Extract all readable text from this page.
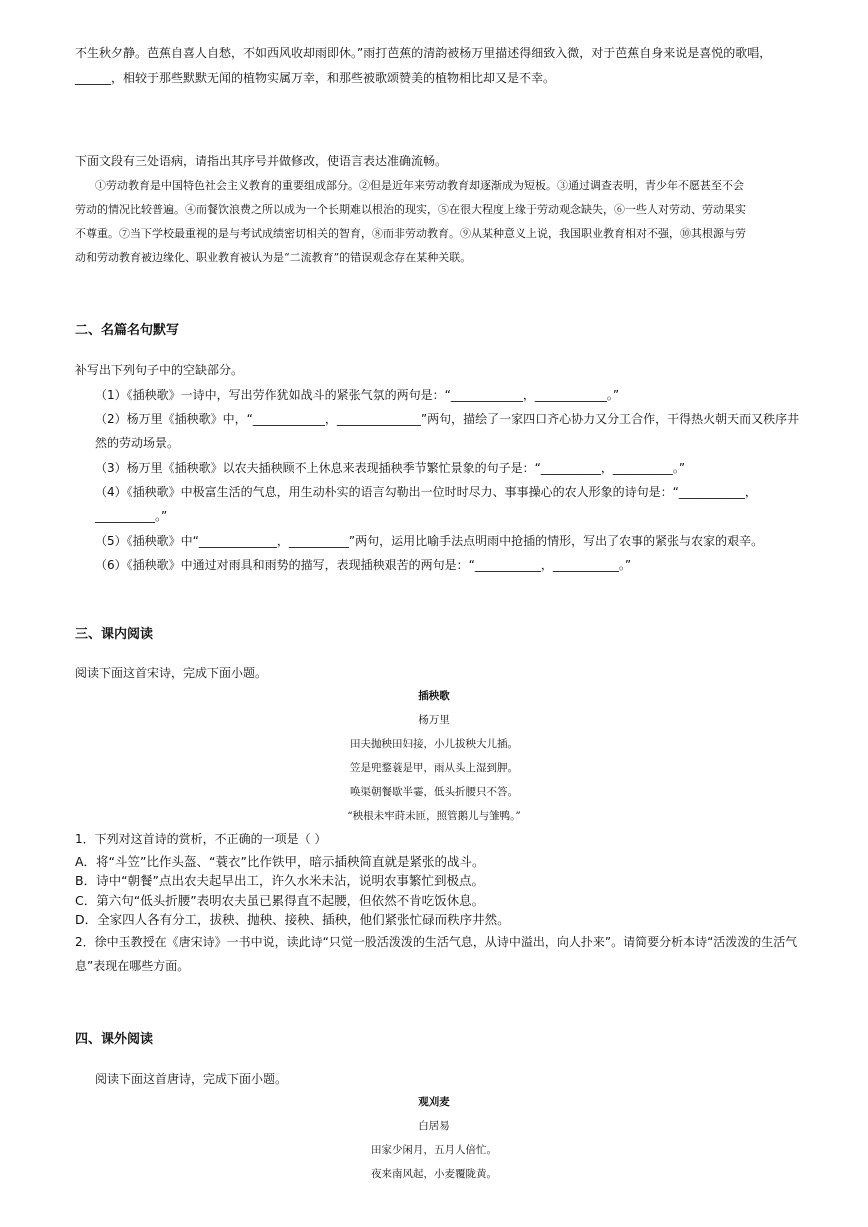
不生秋夕静。芭蕉自喜人自愁，不如西风收却雨即休。”雨打芭蕉的清韵被杨万里描述得细致入微，对于芭蕉自身来说是喜悦的歌唱，
______，相较于那些默默无闻的植物实属万幸，和那些被歌颂赞美的植物相比却又是不幸。
下面文段有三处语病，请指出其序号并做修改，使语言表达准确流畅。
①劳动教育是中国特色社会主义教育的重要组成部分。②但是近年来劳动教育却逐渐成为短板。③通过调查表明，青少年不愿甚至不会
劳动的情况比较普遍。④而餐饮浪费之所以成为一个长期难以根治的现实，⑤在很大程度上缘于劳动观念缺失，⑥一些人对劳动、劳动果实
不尊重。⑦当下学校最重视的是与考试成绩密切相关的智育，⑧而非劳动教育。⑨从某种意义上说，我国职业教育相对不强，⑩其根源与劳
动和劳动教育被边缘化、职业教育被认为是“二流教育”的错误观念存在某种关联。
二、名篇名句默写
补写出下列句子中的空缺部分。
（1）《插秧歌》一诗中，写出劳作犹如战斗的紧张气氛的两句是：“____________，____________。”
（2）杨万里《插秧歌》中，“____________，______________”两句，描绘了一家四口齐心协力又分工合作，干得热火朝天而又秩序井
然的劳动场景。
（3）杨万里《插秧歌》以农夫插秧顾不上休息来表现插秧季节繁忙景象的句子是：“__________，__________。”
（4）《插秧歌》中极富生活的气息，用生动朴实的语言勾勒出一位时时尽力、事事操心的农人形象的诗句是：“___________，
__________。”
（5）《插秧歌》中“_____________，__________”两句，运用比喻手法点明雨中抢插的情形，写出了农事的紧张与农家的艰辛。
（6）《插秧歌》中通过对雨具和雨势的描写，表现插秧艰苦的两句是：“___________，___________。”
三、课内阅读
阅读下面这首宋诗，完成下面小题。
插秧歌
杨万里
田夫抛秧田妇接，小儿拔秧大儿插。
笠是兜鍪蓑是甲，雨从头上湿到胛。
唤渠朝餐歇半霎，低头折腰只不答。
“秧根未牢莳未匝，照管鹅儿与雏鸭。”
1．下列对这首诗的赏析，不正确的一项是（ ）
A．将“斗笠”比作头盔、“蓑衣”比作铁甲，暗示插秧简直就是紧张的战斗。
B．诗中“朝餐”点出农夫起早出工，许久水米未沾，说明农事繁忙到极点。
C．第六句“低头折腰”表明农夫虽已累得直不起腰，但依然不肯吃饭休息。
D．全家四人各有分工，拔秧、抛秧、接秧、插秧，他们紧张忙碌而秩序井然。
2．徐中玉教授在《唐宋诗》一书中说，读此诗“只觉一股活泼泼的生活气息，从诗中溢出，向人扑来”。请简要分析本诗“活泼泼的生活气
息”表现在哪些方面。
四、课外阅读
阅读下面这首唐诗，完成下面小题。
观刈麦
白居易
田家少闲月，五月人倍忙。
夜来南风起，小麦覆陇黄。
